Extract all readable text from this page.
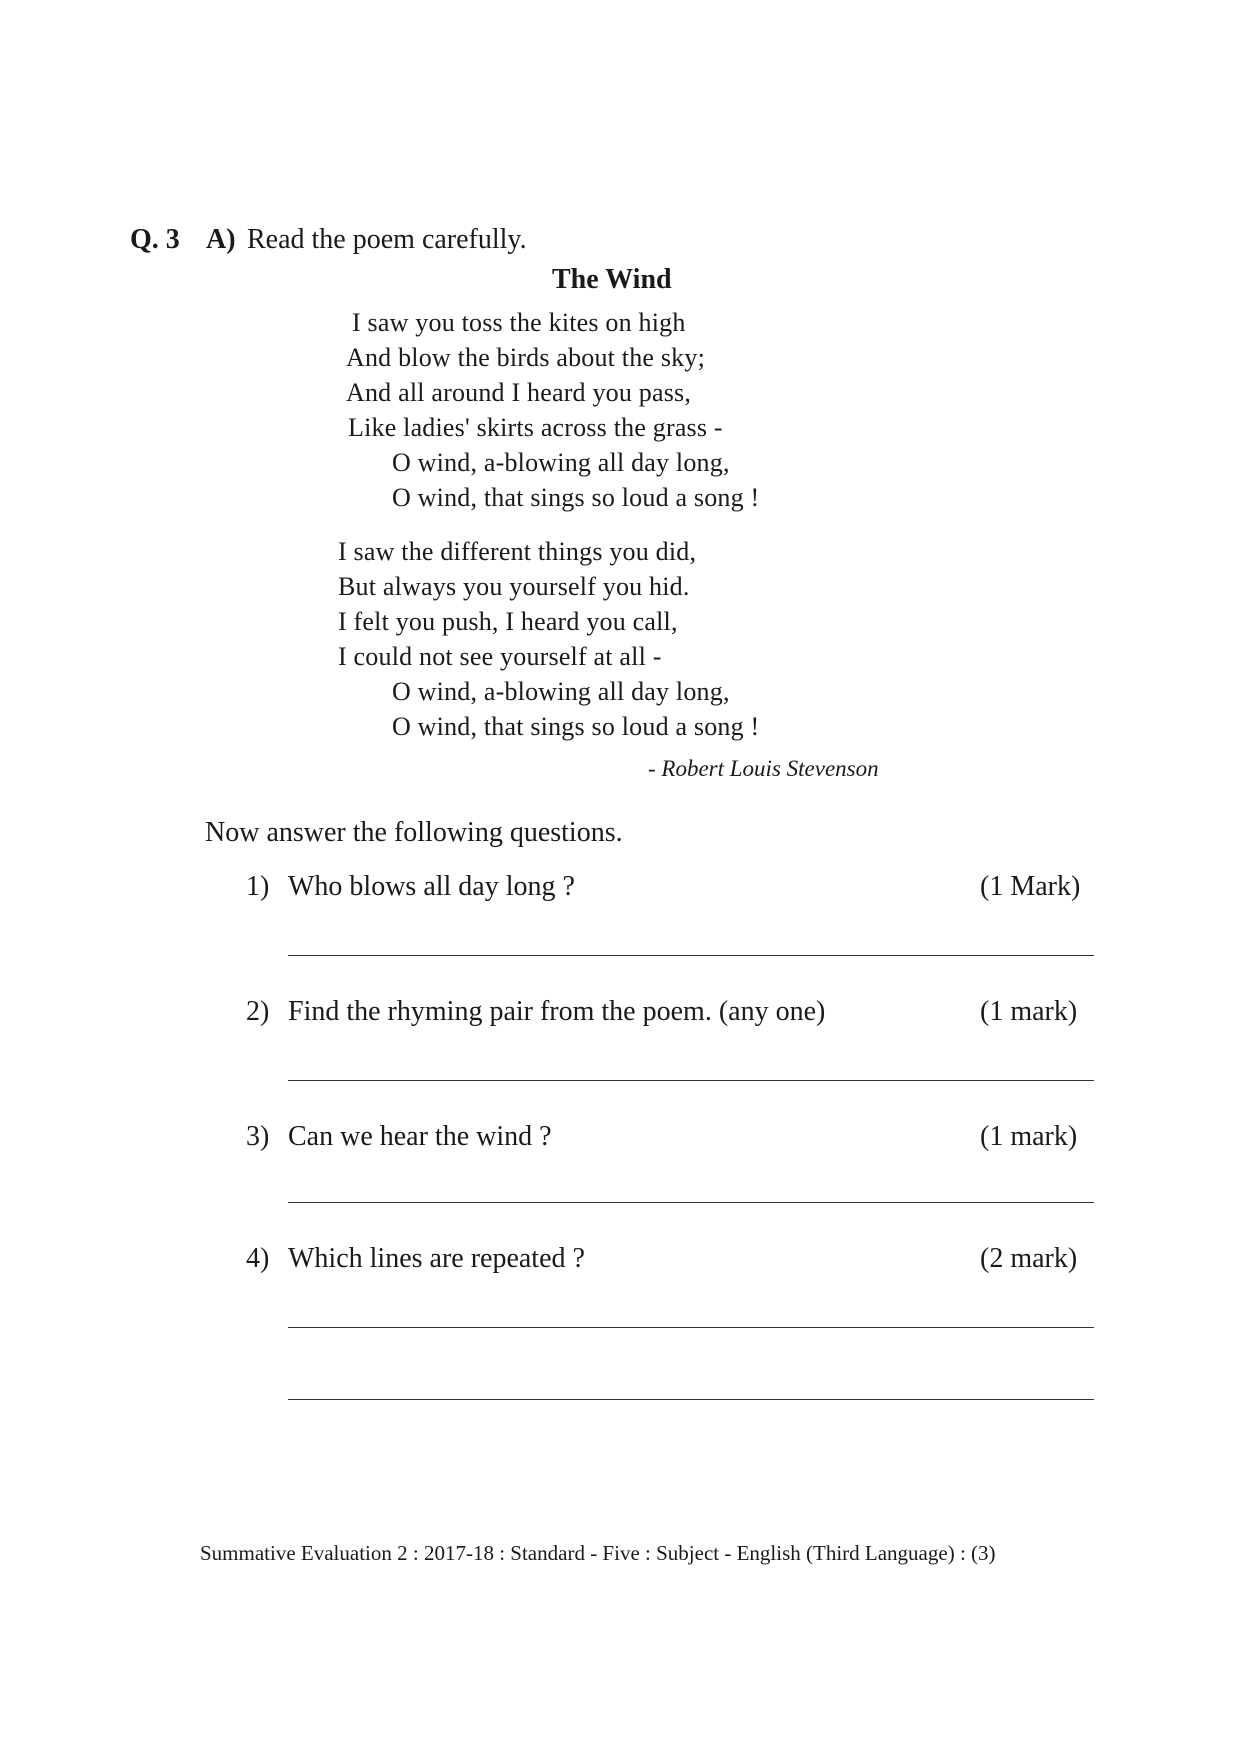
Q. 3 A) Read the poem carefully.
The Wind
I saw you toss the kites on high
And blow the birds about the sky;
And all around I heard you pass,
Like ladies' skirts across the grass -
O wind, a-blowing all day long,
O wind, that sings so loud a song !
I saw the different things you did,
But always you yourself you hid.
I felt you push, I heard you call,
I could not see yourself at all -
O wind, a-blowing all day long,
O wind, that sings so loud a song !
- Robert Louis Stevenson
Now answer the following questions.
1) Who blows all day long ?	(1 Mark)
2) Find the rhyming pair from the poem. (any one)	(1 mark)
3) Can we hear the wind ?	(1 mark)
4) Which lines are repeated ?	(2 mark)
Summative Evaluation 2 : 2017-18 : Standard - Five : Subject - English (Third Language) : (3)
